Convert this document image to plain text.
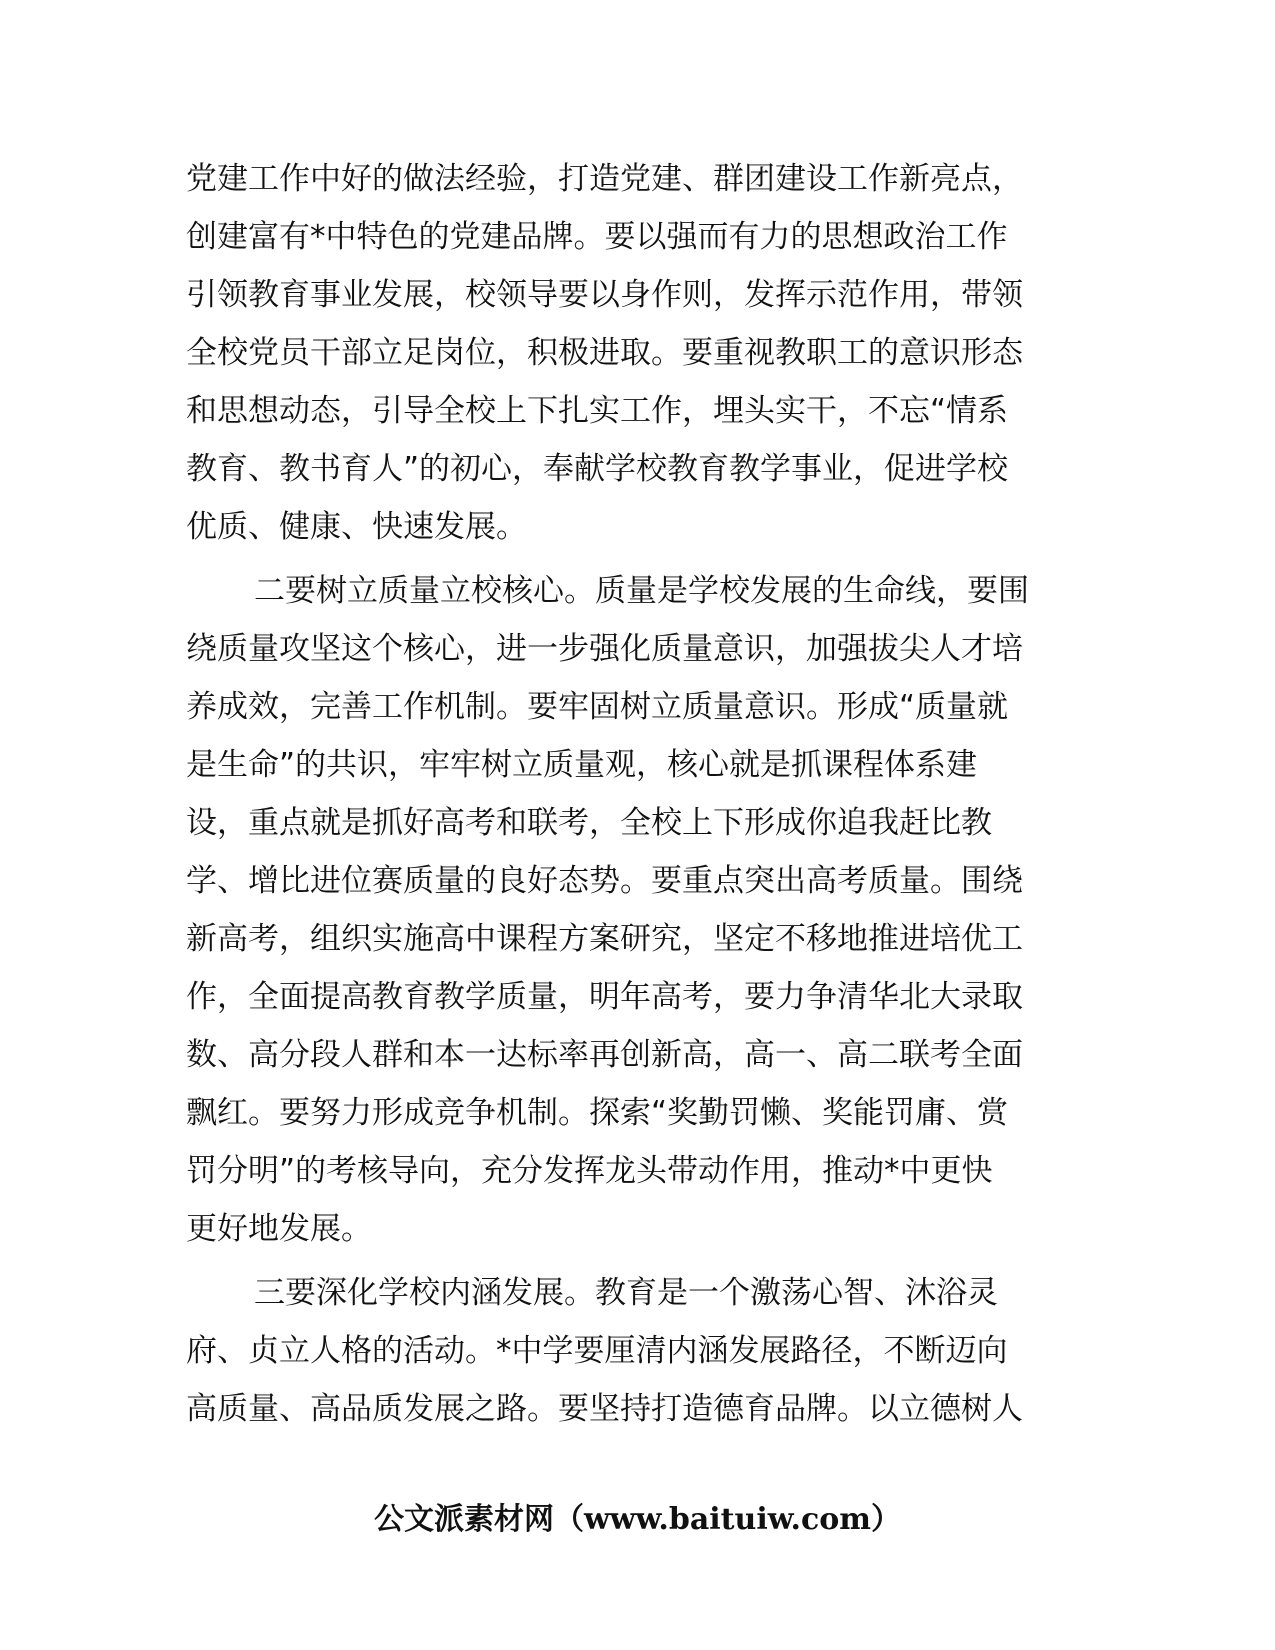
党建工作中好的做法经验，打造党建、群团建设工作新亮点，
创建富有*中特色的党建品牌。要以强而有力的思想政治工作
引领教育事业发展，校领导要以身作则，发挥示范作用，带领
全校党员干部立足岗位，积极进取。要重视教职工的意识形态
和思想动态，引导全校上下扎实工作，埋头实干，不忘“情系
教育、教书育人”的初心，奉献学校教育教学事业，促进学校
优质、健康、快速发展。

二要树立质量立校核心。质量是学校发展的生命线，要围
绕质量攻坚这个核心，进一步强化质量意识，加强拔尖人才培
养成效，完善工作机制。要牢固树立质量意识。形成“质量就
是生命”的共识，牢牢树立质量观，核心就是抓课程体系建
设，重点就是抓好高考和联考，全校上下形成你追我赶比教
学、增比进位赛质量的良好态势。要重点突出高考质量。围绕
新高考，组织实施高中课程方案研究，坚定不移地推进培优工
作，全面提高教育教学质量，明年高考，要力争清华北大录取
数、高分段人群和本一达标率再创新高，高一、高二联考全面
飘红。要努力形成竞争机制。探索“奖勤罚懒、奖能罚庸、赏
罚分明”的考核导向，充分发挥龙头带动作用，推动*中更快
更好地发展。

三要深化学校内涵发展。教育是一个激荡心智、沐浴灵
府、贞立人格的活动。*中学要厘清内涵发展路径，不断迈向
高质量、高品质发展之路。要坚持打造德育品牌。以立德树人

公文派素材网（www.baituiw.com）
